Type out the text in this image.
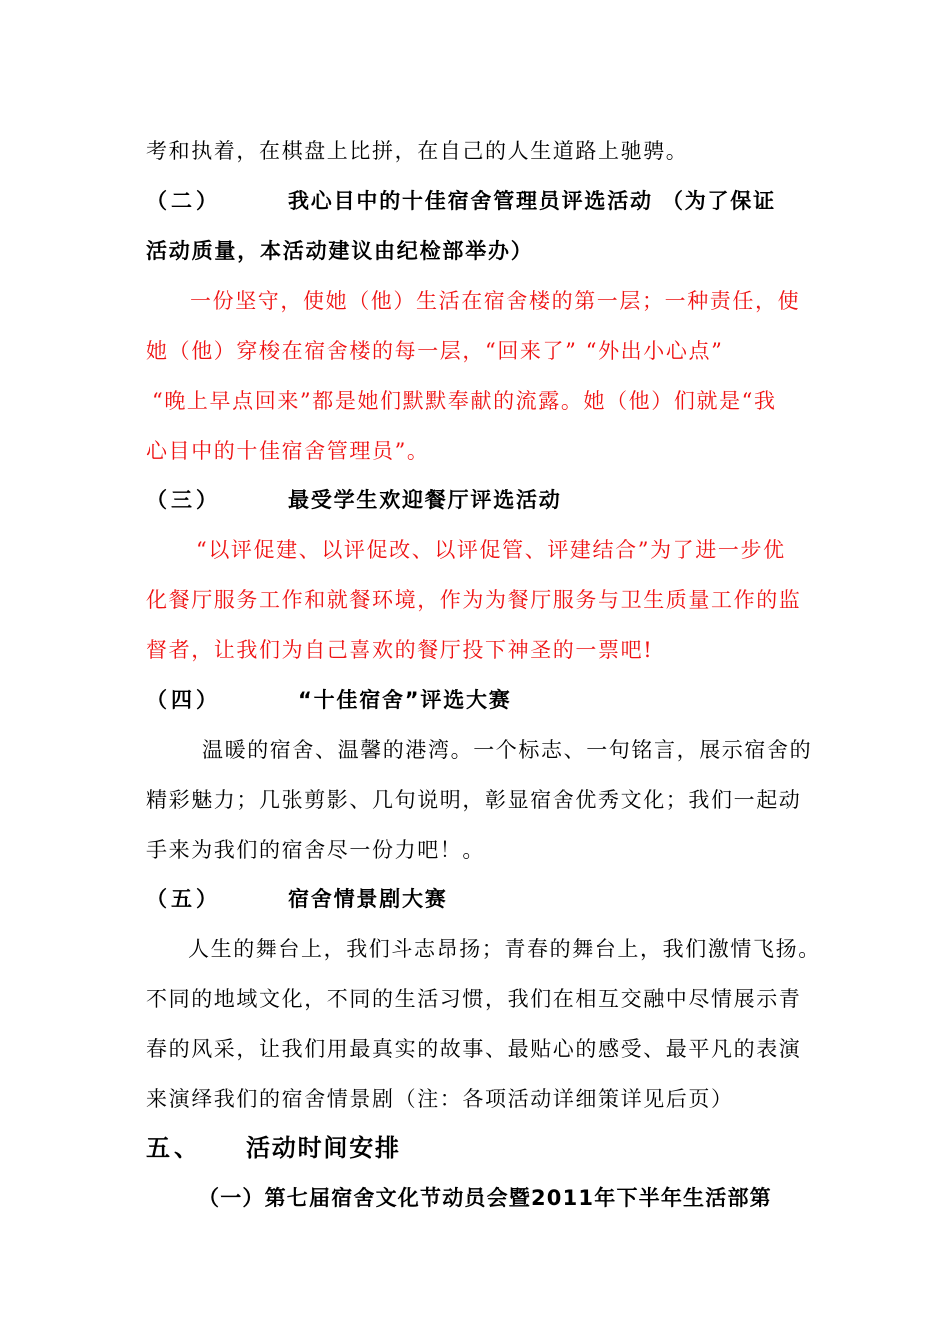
考和执着，在棋盘上比拼，在自己的人生道路上驰骋。
（二）	我心目中的十佳宿舍管理员评选活动 （为了保证
活动质量，本活动建议由纪检部举办）
一份坚守，使她（他）生活在宿舍楼的第一层；一种责任，使
她（他）穿梭在宿舍楼的每一层，“回来了” “外出小心点”
“晚上早点回来”都是她们默默奉献的流露。她（他）们就是“我
心目中的十佳宿舍管理员”。
（三）	最受学生欢迎餐厅评选活动
“以评促建、以评促改、以评促管、评建结合”为了进一步优
化餐厅服务工作和就餐环境，作为为餐厅服务与卫生质量工作的监
督者，让我们为自己喜欢的餐厅投下神圣的一票吧!
（四）	“十佳宿舍”评选大赛
温暖的宿舍、温馨的港湾。一个标志、一句铭言，展示宿舍的
精彩魅力；几张剪影、几句说明，彰显宿舍优秀文化；我们一起动
手来为我们的宿舍尽一份力吧！。
（五）	宿舍情景剧大赛
人生的舞台上，我们斗志昂扬；青春的舞台上，我们激情飞扬。
不同的地域文化，不同的生活习惯，我们在相互交融中尽情展示青
春的风采，让我们用最真实的故事、最贴心的感受、最平凡的表演
来演绎我们的宿舍情景剧（注：各项活动详细策详见后页）
五、 活动时间安排
（一）第七届宿舍文化节动员会暨2011年下半年生活部第
